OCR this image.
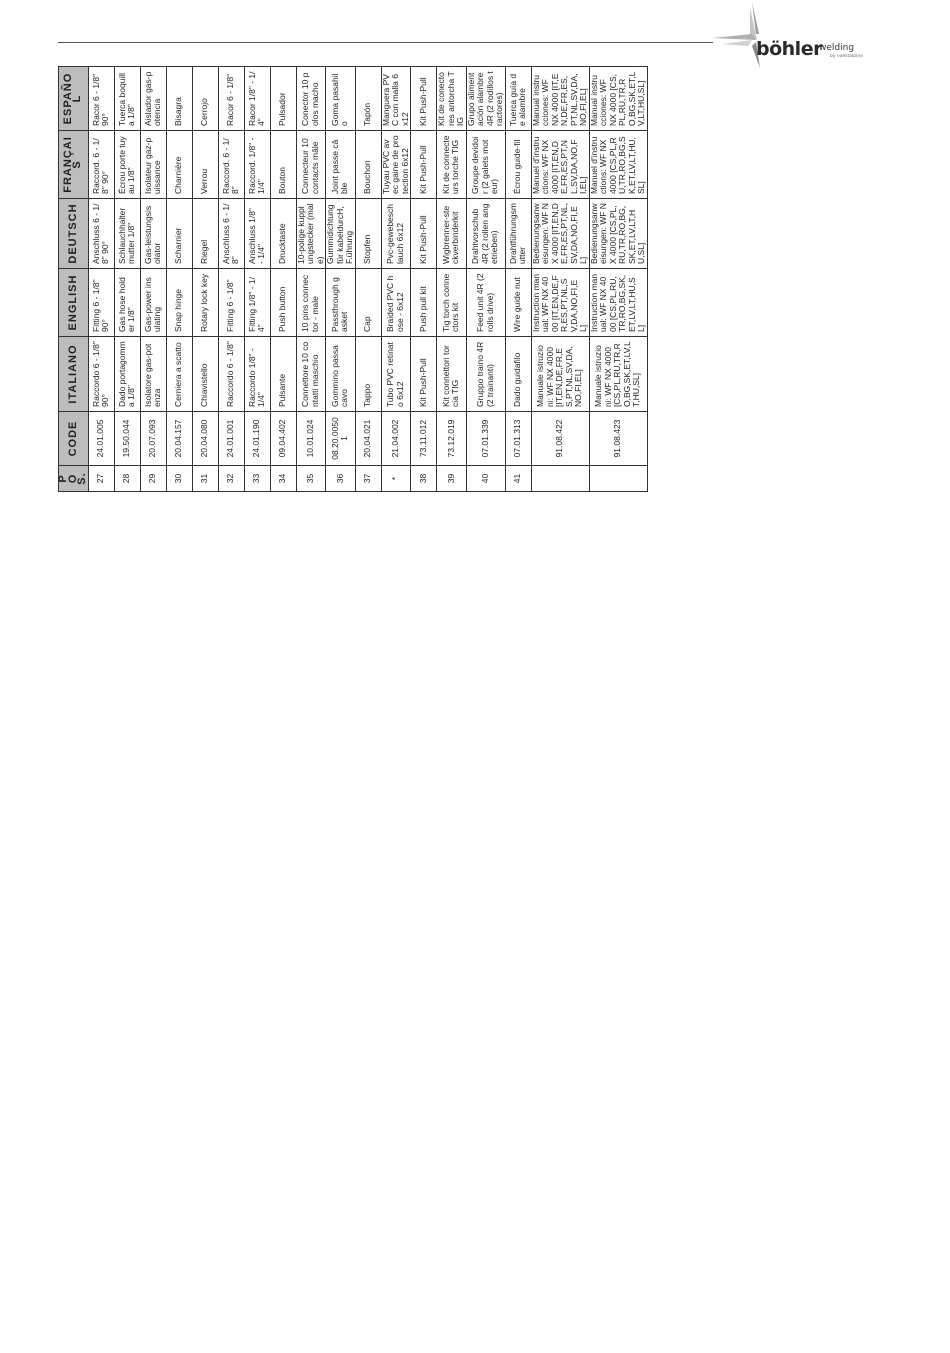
böhler
welding
by voestalpine
POS.	CODE	ITALIANO	ENGLISH	DEUTSCH	FRANÇAIS	ESPAÑOL
27	24.01.005	Raccordo 6 - 1/8" 90°	Fitting 6 - 1/8" 90°	Anschluss 6 - 1/8" 90°	Raccord. 6 - 1/8" 90°	Racor 6 - 1/8" 90°
28	19.50.044	Dado portagomma 1/8"	Gas hose holder 1/8"	Schlauchhaltermutter 1/8"	Écrou porte tuyau 1/8"	Tuerca boquilla 1/8"
29	20.07.093	Isolatore gas-potenza	Gas-power insulating	Gas-leistungsisolator	Isolateur gaz-puissance	Aislador gas-potencia
30	20.04.157	Cerniera a scatto	Snap hinge	Scharnier	Charnière	Bisagra
31	20.04.080	Chiavistello	Rotary lock key	Riegel	Verrou	Cerrojo
32	24.01.001	Raccordo 6 - 1/8"	Fitting 6 - 1/8"	Anschluss 6 - 1/8"	Raccord. 6 - 1/8"	Racor 6 - 1/8"
33	24.01.190	Raccordo 1/8" - 1/4"	Fitting 1/8" - 1/4"	Anschluss 1/8" - 1/4"	Raccord. 1/8" - 1/4"	Racor 1/8" - 1/4"
34	09.04.402	Pulsante	Push button	Drucktaste	Bouton	Pulsador
35	10.01.024	Connettore 10 contatti maschio	10 pins connector - male	10-polige kupplungstecker (male)	Connecteur 10 contacts mâle	Conector 10 polos macho
36	08.20.00501	Gommino passacavo	Passthrough gasket	Gummidichtung für kabeldurcH,F.ührung	Joint passe câble	Goma pasahilo
37	20.04.021	Tappo	Cap	Stopfen	Bouchon	Tapón
*	21.04.002	Tubo PVC retinato 6x12	Braided PVC hose - 6x12	Pvc-gewebeschlauch 6x12	Tuyau PVC avec gaine de protection 6x12	Manguera PVC con malla 6x12
38	73.11.012	Kit Push-Pull	Push pull kit	Kit Push-Pull	Kit Push-Pull	Kit Push-Pull
39	73.12.019	Kit connettori torcia TIG	Tig torch connectors kit	Wigbrenner-steckverbinderkit	Kit de connecteurs torche TIG	Kit de conectores antorcha TIG
40	07.01.339	Gruppo traino 4R (2 trainanti)	Feed unit 4R (2 rolls drive)	Drahtvorschub 4R (2 rollen angetrieben)	Groupe devidoir (2 galets moteur)	Grupo alimentación alambre 4R (2 rodillos tractores)
41	07.01.313	Dado guidafilo	Wire guide nut	Drahtführungsmutter	Écrou guide-fil	Tuerca guía de alambre
	91.08.422	Manuale istruzioni: WF NX 4000 [IT,EN,DE,FR,ES,PT,NL,SV,DA,NO,FI,EL]	Instruction manual: WF NX 4000 [IT,EN,DE,FR,ES,PT,NL,SV,DA,NO,FI,EL]	Bedienungsanweisungen: WF NX 4000 [IT,EN,DE,FR,ES,PT,NL,SV,DA,NO,FI,EL]	Manuel d'instructions: WF NX 4000 [IT,EN,DE,FR,ES,PT,NL,SV,DA,NO,FI,EL]	Manual instrucciones: WF NX 4000 [IT,EN,DE,FR,ES,PT,NL,SV,DA,NO,FI,EL]
	91.08.423	Manuale istruzioni: WF NX 4000 [CS,PL,RU,TR,RO,BG,SK,ET,LV,LT,HU,SL]	Instruction manual: WF NX 4000 [CS,PL,RU,TR,RO,BG,SK,ET,LV,LT,HU,SL]	Bedienungsanweisungen: WF NX 4000 [CS,PL,RU,TR,RO,BG,SK,ET,LV,LT,HU,SL]	Manuel d'instructions: WF NX 4000 [CS,PL,RU,TR,RO,BG,SK,ET,LV,LT,HU,SL]	Manual instrucciones: WF NX 4000 [CS,PL,RU,TR,RO,BG,SK,ET,LV,LT,HU,SL]
